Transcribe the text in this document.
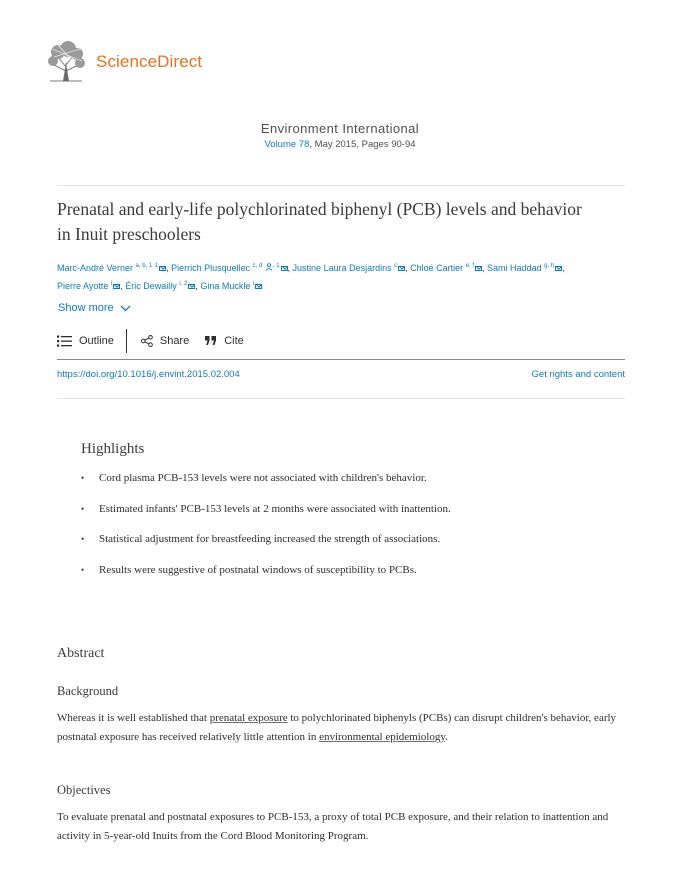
ScienceDirect
Environment International
Volume 78, May 2015, Pages 90-94
Prenatal and early-life polychlorinated biphenyl (PCB) levels and behavior in Inuit preschoolers
Marc-André Verner $^{a, b, 1}$ $^1$ , Pierrich Plusquellec $^{c, d}$ $^{, 1}$ , Justine Laura Desjardins $^c$ , Chloé Cartier $^{e, f}$ , Sami Haddad $^{g, h}$ ,
Pierre Ayotte $^i$ , Éric Dewailly $^{i, 2}$ , Gina Muckle $^i$
Show more
Outline	Share	Cite
https://doi.org/10.1016/j.envint.2015.02.004	Get rights and content
Highlights
• Cord plasma PCB-153 levels were not associated with children's behavior.
• Estimated infants' PCB-153 levels at 2 months were associated with inattention.
• Statistical adjustment for breastfeeding increased the strength of associations.
• Results were suggestive of postnatal windows of susceptibility to PCBs.
Abstract
Background

Whereas it is well established that prenatal exposure to polychlorinated biphenyls (PCBs) can disrupt children's behavior, early postnatal exposure has received relatively little attention in environmental epidemiology.

Objectives

To evaluate prenatal and postnatal exposures to PCB-153, a proxy of total PCB exposure, and their relation to inattention and activity in 5-year-old Inuits from the Cord Blood Monitoring Program.
